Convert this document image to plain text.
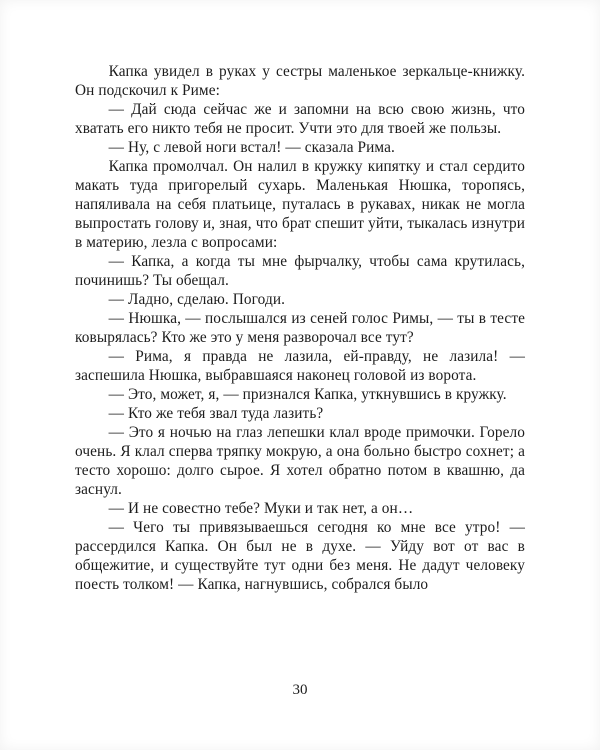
Капка увидел в руках у сестры маленькое зеркальце-книжку. Он подскочил к Риме:

— Дай сюда сейчас же и запомни на всю свою жизнь, что хватать его никто тебя не просит. Учти это для твоей же пользы.

— Ну, с левой ноги встал! — сказала Рима.

Капка промолчал. Он налил в кружку кипятку и стал сердито макать туда пригорелый сухарь. Маленькая Нюшка, торопясь, напяливала на себя платьице, путалась в рукавах, никак не могла выпростать голову и, зная, что брат спешит уйти, тыкалась изнутри в материю, лезла с вопросами:

— Капка, а когда ты мне фырчалку, чтобы сама крутилась, починишь? Ты обещал.

— Ладно, сделаю. Погоди.

— Нюшка, — послышался из сеней голос Римы, — ты в тесте ковырялась? Кто же это у меня разворочал все тут?

— Рима, я правда не лазила, ей-правду, не лазила! — заспешила Нюшка, выбравшаяся наконец головой из ворота.

— Это, может, я, — признался Капка, уткнувшись в кружку.

— Кто же тебя звал туда лазить?

— Это я ночью на глаз лепешки клал вроде примочки. Горело очень. Я клал сперва тряпку мокрую, а она больно быстро сохнет; а тесто хорошо: долго сырое. Я хотел обратно потом в квашню, да заснул.

— И не совестно тебе? Муки и так нет, а он…

— Чего ты привязываешься сегодня ко мне все утро! — рассердился Капка. Он был не в духе. — Уйду вот от вас в общежитие, и существуйте тут одни без меня. Не дадут человеку поесть толком! — Капка, нагнувшись, собрался было

30
